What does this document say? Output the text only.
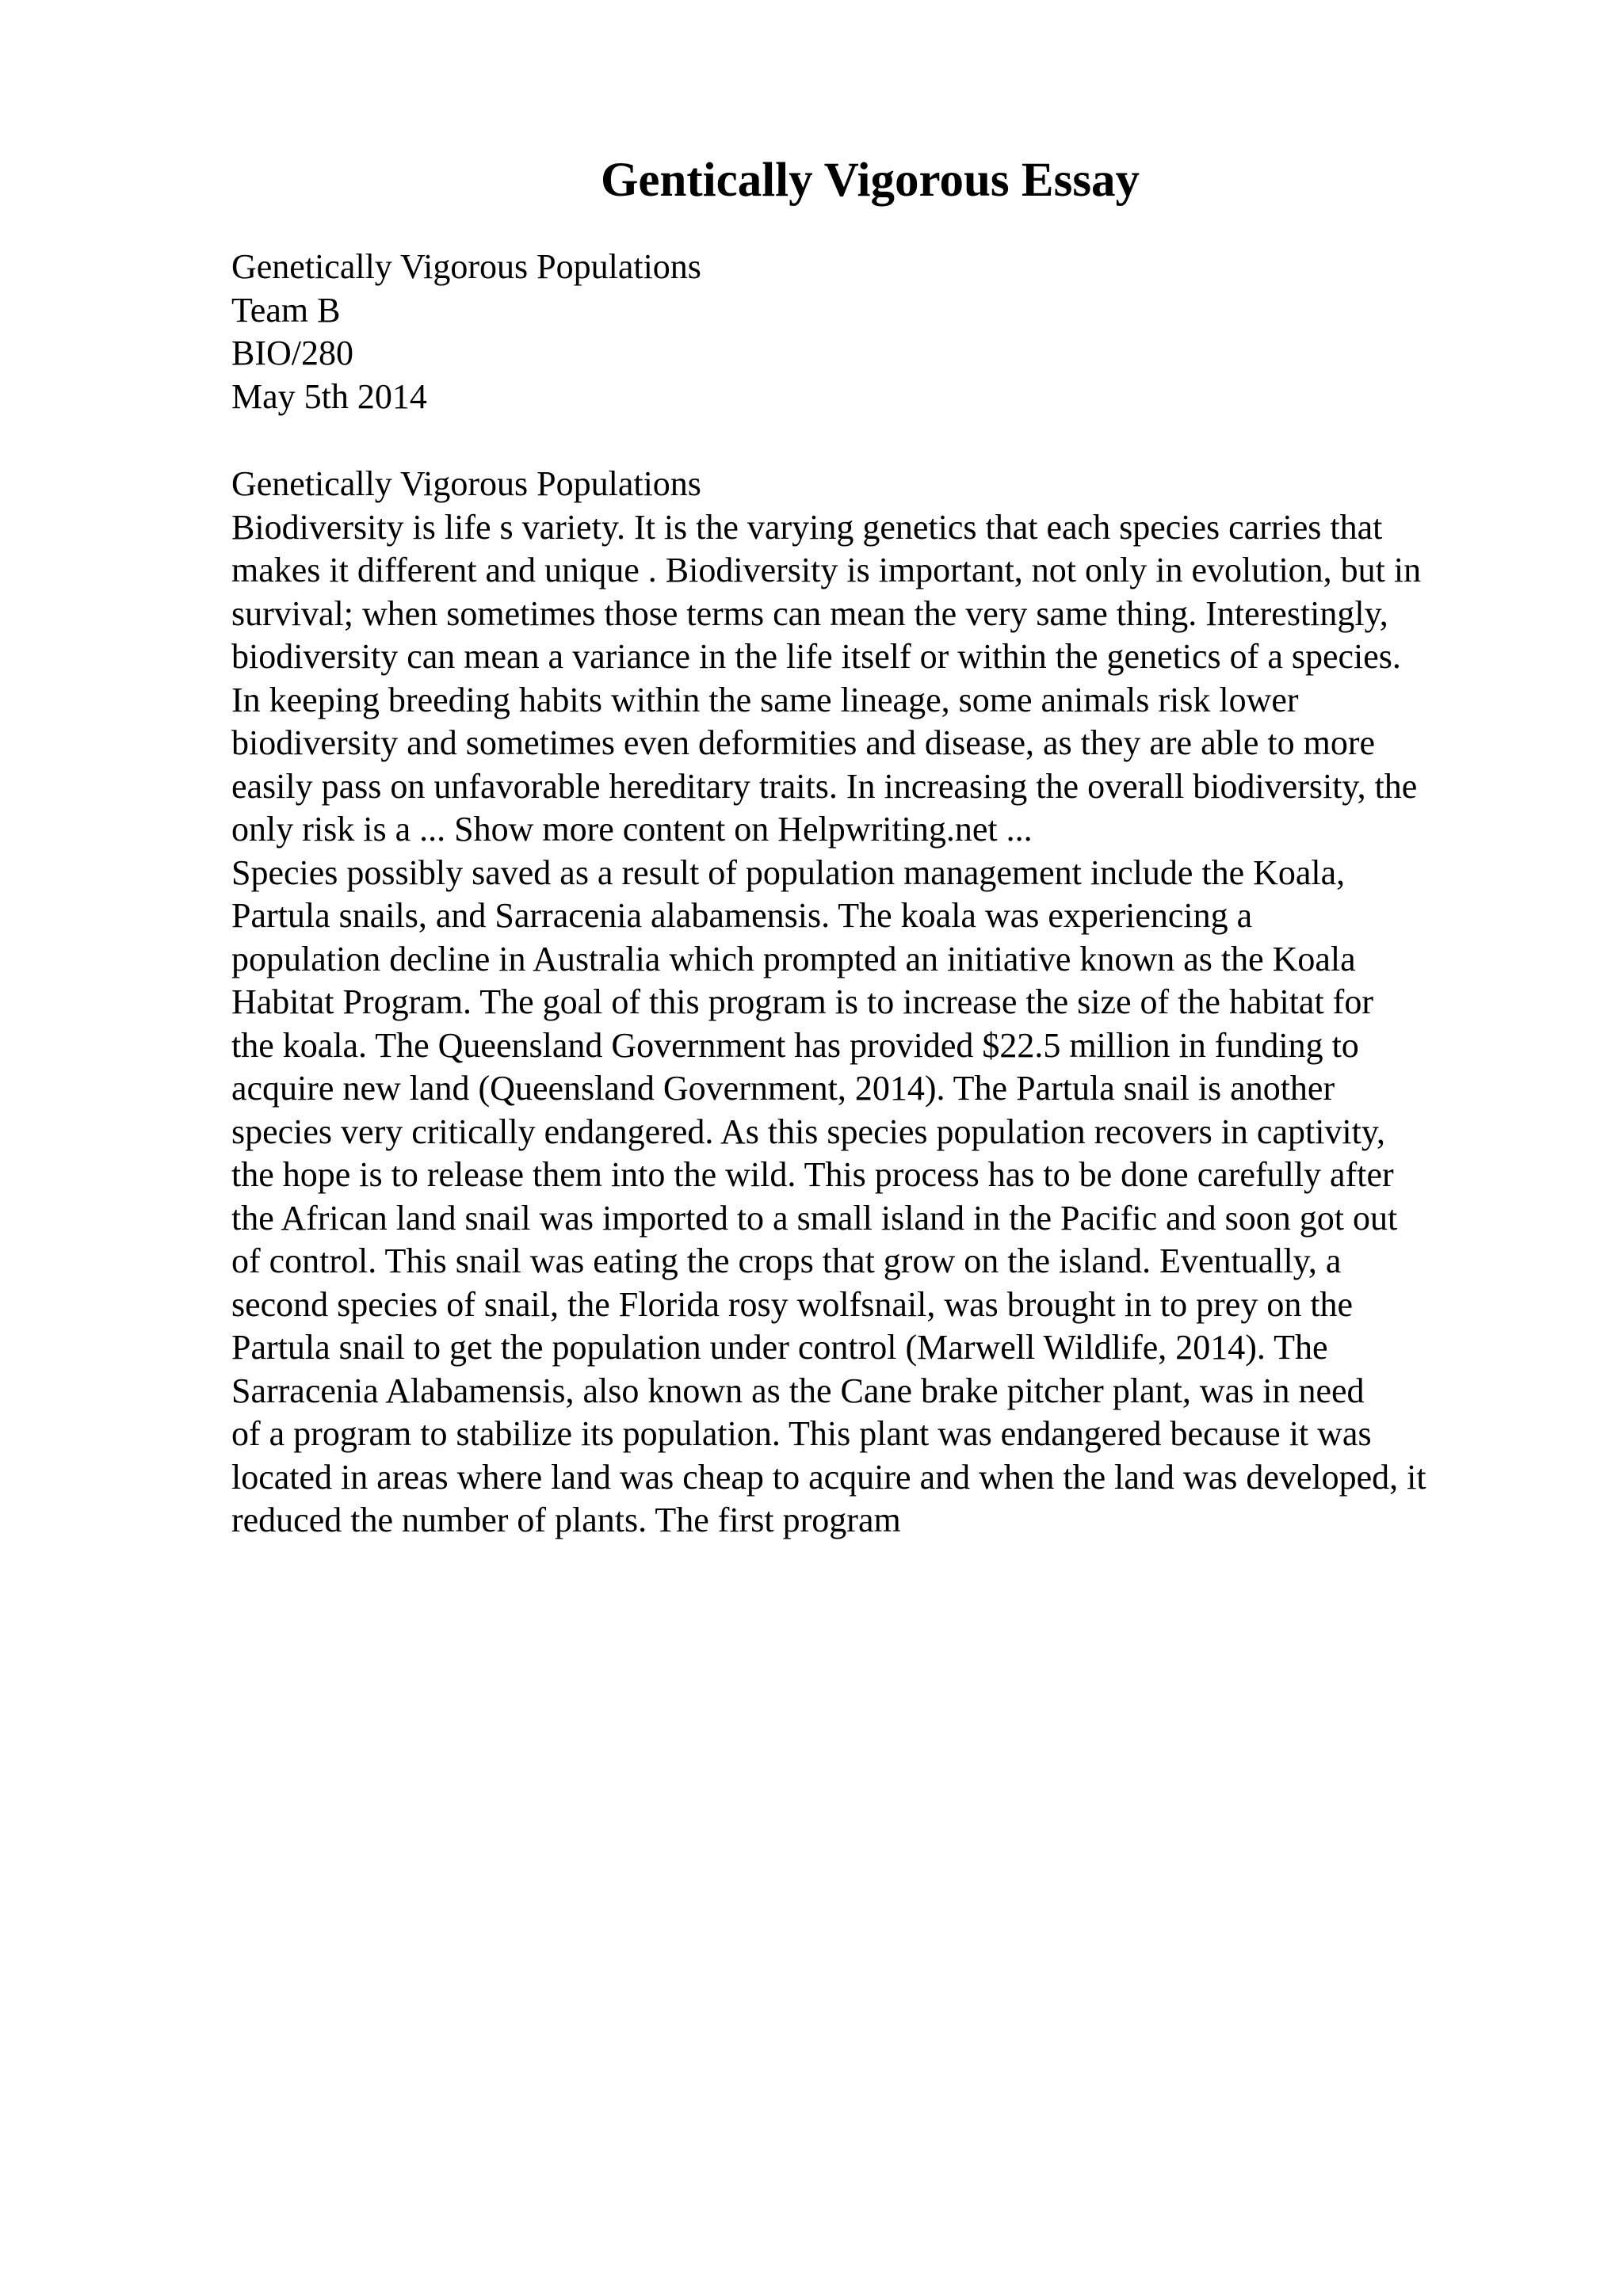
Gentically Vigorous Essay
Genetically Vigorous Populations
Team B
BIO/280
May 5th 2014
Genetically Vigorous Populations
Biodiversity is life s variety. It is the varying genetics that each species carries that
makes it different and unique . Biodiversity is important, not only in evolution, but in
survival; when sometimes those terms can mean the very same thing. Interestingly,
biodiversity can mean a variance in the life itself or within the genetics of a species.
In keeping breeding habits within the same lineage, some animals risk lower
biodiversity and sometimes even deformities and disease, as they are able to more
easily pass on unfavorable hereditary traits. In increasing the overall biodiversity, the
only risk is a ... Show more content on Helpwriting.net ...
Species possibly saved as a result of population management include the Koala,
Partula snails, and Sarracenia alabamensis. The koala was experiencing a
population decline in Australia which prompted an initiative known as the Koala
Habitat Program. The goal of this program is to increase the size of the habitat for
the koala. The Queensland Government has provided $22.5 million in funding to
acquire new land (Queensland Government, 2014). The Partula snail is another
species very critically endangered. As this species population recovers in captivity,
the hope is to release them into the wild. This process has to be done carefully after
the African land snail was imported to a small island in the Pacific and soon got out
of control. This snail was eating the crops that grow on the island. Eventually, a
second species of snail, the Florida rosy wolfsnail, was brought in to prey on the
Partula snail to get the population under control (Marwell Wildlife, 2014). The
Sarracenia Alabamensis, also known as the Cane brake pitcher plant, was in need
of a program to stabilize its population. This plant was endangered because it was
located in areas where land was cheap to acquire and when the land was developed, it
reduced the number of plants. The first program
